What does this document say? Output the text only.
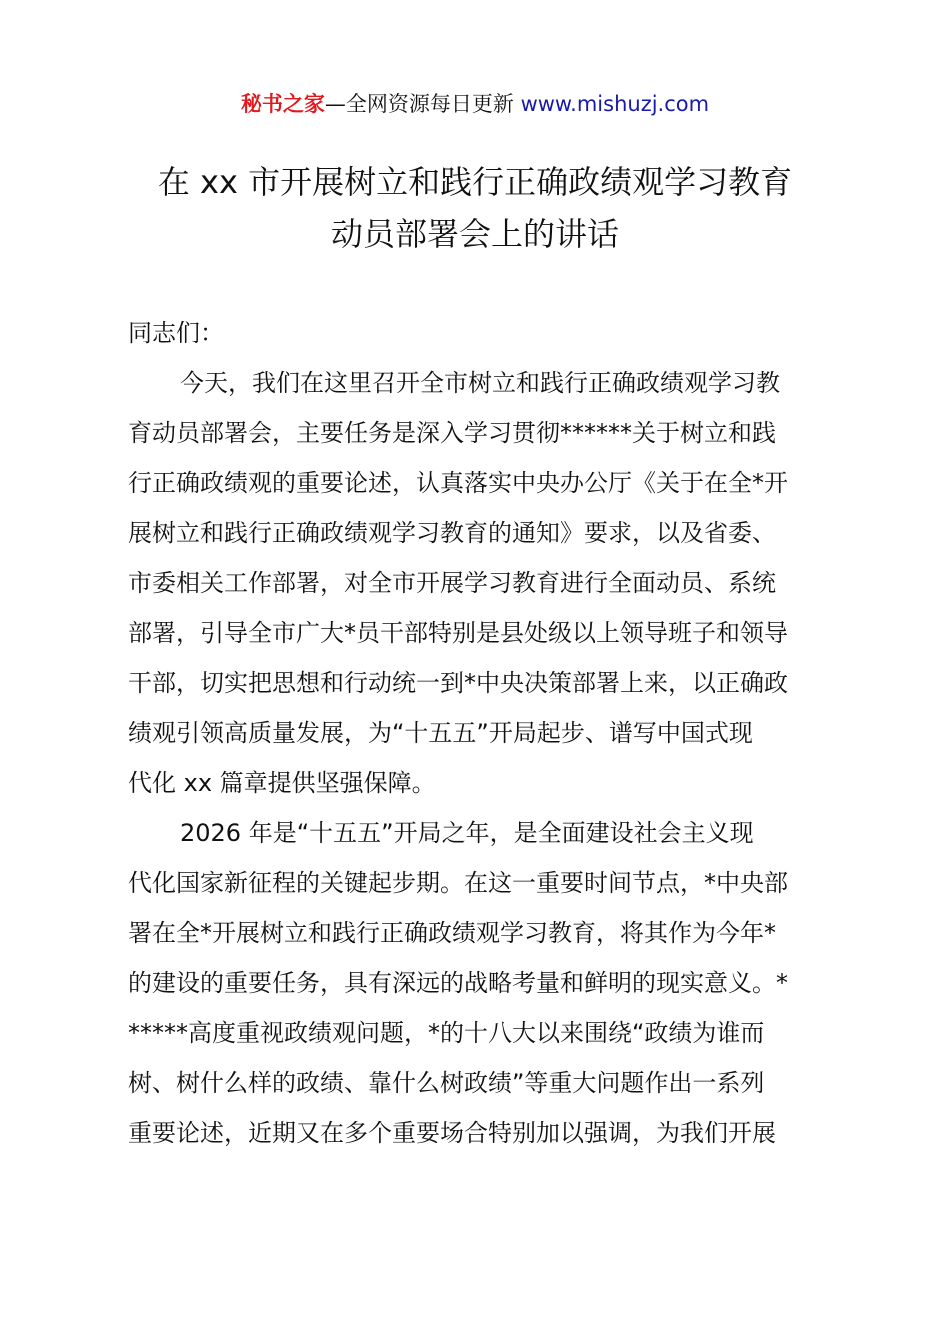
秘书之家—全网资源每日更新 www.mishuzj.com
在 xx 市开展树立和践行正确政绩观学习教育
动员部署会上的讲话
同志们：
今天，我们在这里召开全市树立和践行正确政绩观学习教
育动员部署会，主要任务是深入学习贯彻******关于树立和践
行正确政绩观的重要论述，认真落实中央办公厅《关于在全*开
展树立和践行正确政绩观学习教育的通知》要求，以及省委、
市委相关工作部署，对全市开展学习教育进行全面动员、系统
部署，引导全市广大*员干部特别是县处级以上领导班子和领导
干部，切实把思想和行动统一到*中央决策部署上来，以正确政
绩观引领高质量发展，为“十五五”开局起步、谱写中国式现
代化 xx 篇章提供坚强保障。
2026 年是“十五五”开局之年，是全面建设社会主义现
代化国家新征程的关键起步期。在这一重要时间节点，*中央部
署在全*开展树立和践行正确政绩观学习教育，将其作为今年*
的建设的重要任务，具有深远的战略考量和鲜明的现实意义。*
*****高度重视政绩观问题，*的十八大以来围绕“政绩为谁而
树、树什么样的政绩、靠什么树政绩”等重大问题作出一系列
重要论述，近期又在多个重要场合特别加以强调，为我们开展
